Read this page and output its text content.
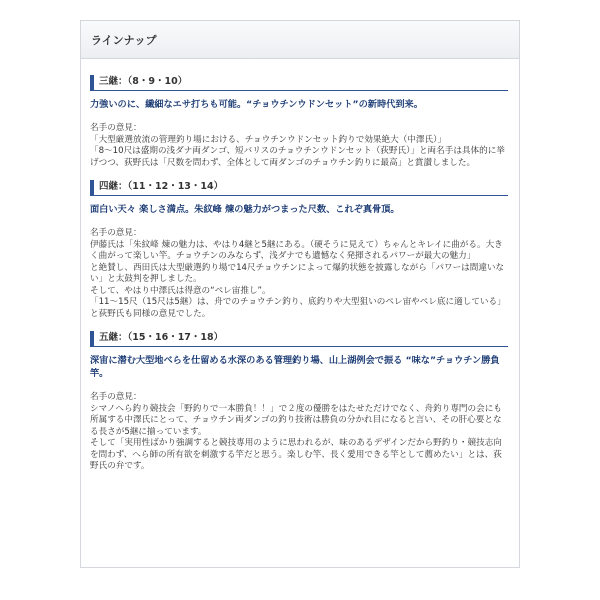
ラインナップ
三継：（8・9・10）
力強いのに、繊細なエサ打ちも可能。“チョウチンウドンセット”の新時代到来。

名手の意見：

「大型厳選放流の管理釣り場における、チョウチンウドンセット釣りで効果絶大（中澤氏）」

「8～10尺は盛期の浅ダナ両ダンゴ、短バリスのチョウチンウドンセット（荻野氏）」と両名手は具体的に挙げつつ、荻野氏は「尺数を問わず、全体として両ダンゴのチョウチン釣りに最高」と賞讃しました。

四継：（11・12・13・14）
面白い天々 楽しさ満点。朱紋峰 煉の魅力がつまった尺数、これぞ真骨頂。

名手の意見：

伊藤氏は「朱紋峰 煉の魅力は、やはり4継と5継にある。（硬そうに見えて）ちゃんとキレイに曲がる。大きく曲がって楽しい竿。チョウチンのみならず、浅ダナでも遺憾なく発揮されるパワーが最大の魅力」

と絶賛し、西田氏は大型厳選釣り場で14尺チョウチンによって爆釣状態を披露しながら「パワーは間違いない」と太鼓判を押しました。

そして、やはり中澤氏は得意の“ペレ宙推し”。

「11～15尺（15尺は5継）は、舟でのチョウチン釣り、底釣りや大型狙いのペレ宙やペレ底に適している」と荻野氏も同様の意見でした。

五継：（15・16・17・18）
深宙に潜む大型地べらを仕留める水深のある管理釣り場、山上湖例会で振る “味な”チョウチン勝負竿。

名手の意見：

シマノへら釣り競技会「野釣りで一本勝負！！」で２度の優勝をはたせただけでなく、舟釣り専門の会にも所属する中澤氏にとって、チョウチン両ダンゴの釣り技術は勝負の分かれ目になると言い、その肝心要となる長さが5継に揃っています。

そして「実用性ばかり強調すると競技専用のように思われるが、味のあるデザインだから野釣り・競技志向を問わず、へら師の所有欲を刺激する竿だと思う。楽しむ竿、長く愛用できる竿として薦めたい」とは、荻野氏の弁です。
